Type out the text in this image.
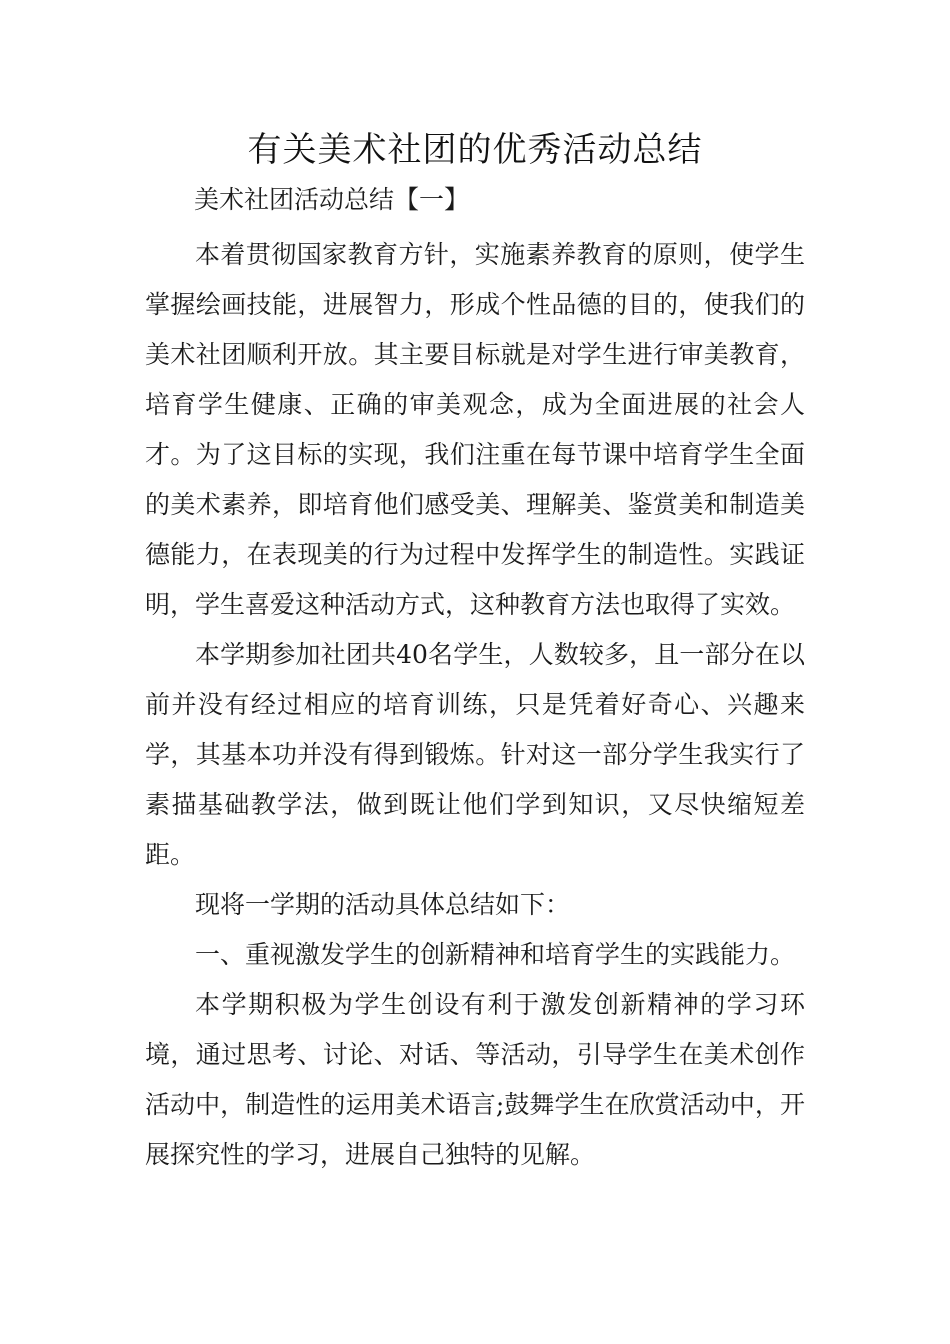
有关美术社团的优秀活动总结
美术社团活动总结【一】

本着贯彻国家教育方针，实施素养教育的原则，使学生掌握绘画技能，进展智力，形成个性品德的目的，使我们的美术社团顺利开放。其主要目标就是对学生进行审美教育，培育学生健康、正确的审美观念，成为全面进展的社会人才。为了这目标的实现，我们注重在每节课中培育学生全面的美术素养，即培育他们感受美、理解美、鉴赏美和制造美德能力，在表现美的行为过程中发挥学生的制造性。实践证明，学生喜爱这种活动方式，这种教育方法也取得了实效。

本学期参加社团共40名学生，人数较多，且一部分在以前并没有经过相应的培育训练，只是凭着好奇心、兴趣来学，其基本功并没有得到锻炼。针对这一部分学生我实行了素描基础教学法，做到既让他们学到知识，又尽快缩短差距。

现将一学期的活动具体总结如下：

一、重视激发学生的创新精神和培育学生的实践能力。

本学期积极为学生创设有利于激发创新精神的学习环境，通过思考、讨论、对话、等活动，引导学生在美术创作活动中，制造性的运用美术语言;鼓舞学生在欣赏活动中，开展探究性的学习，进展自己独特的见解。
